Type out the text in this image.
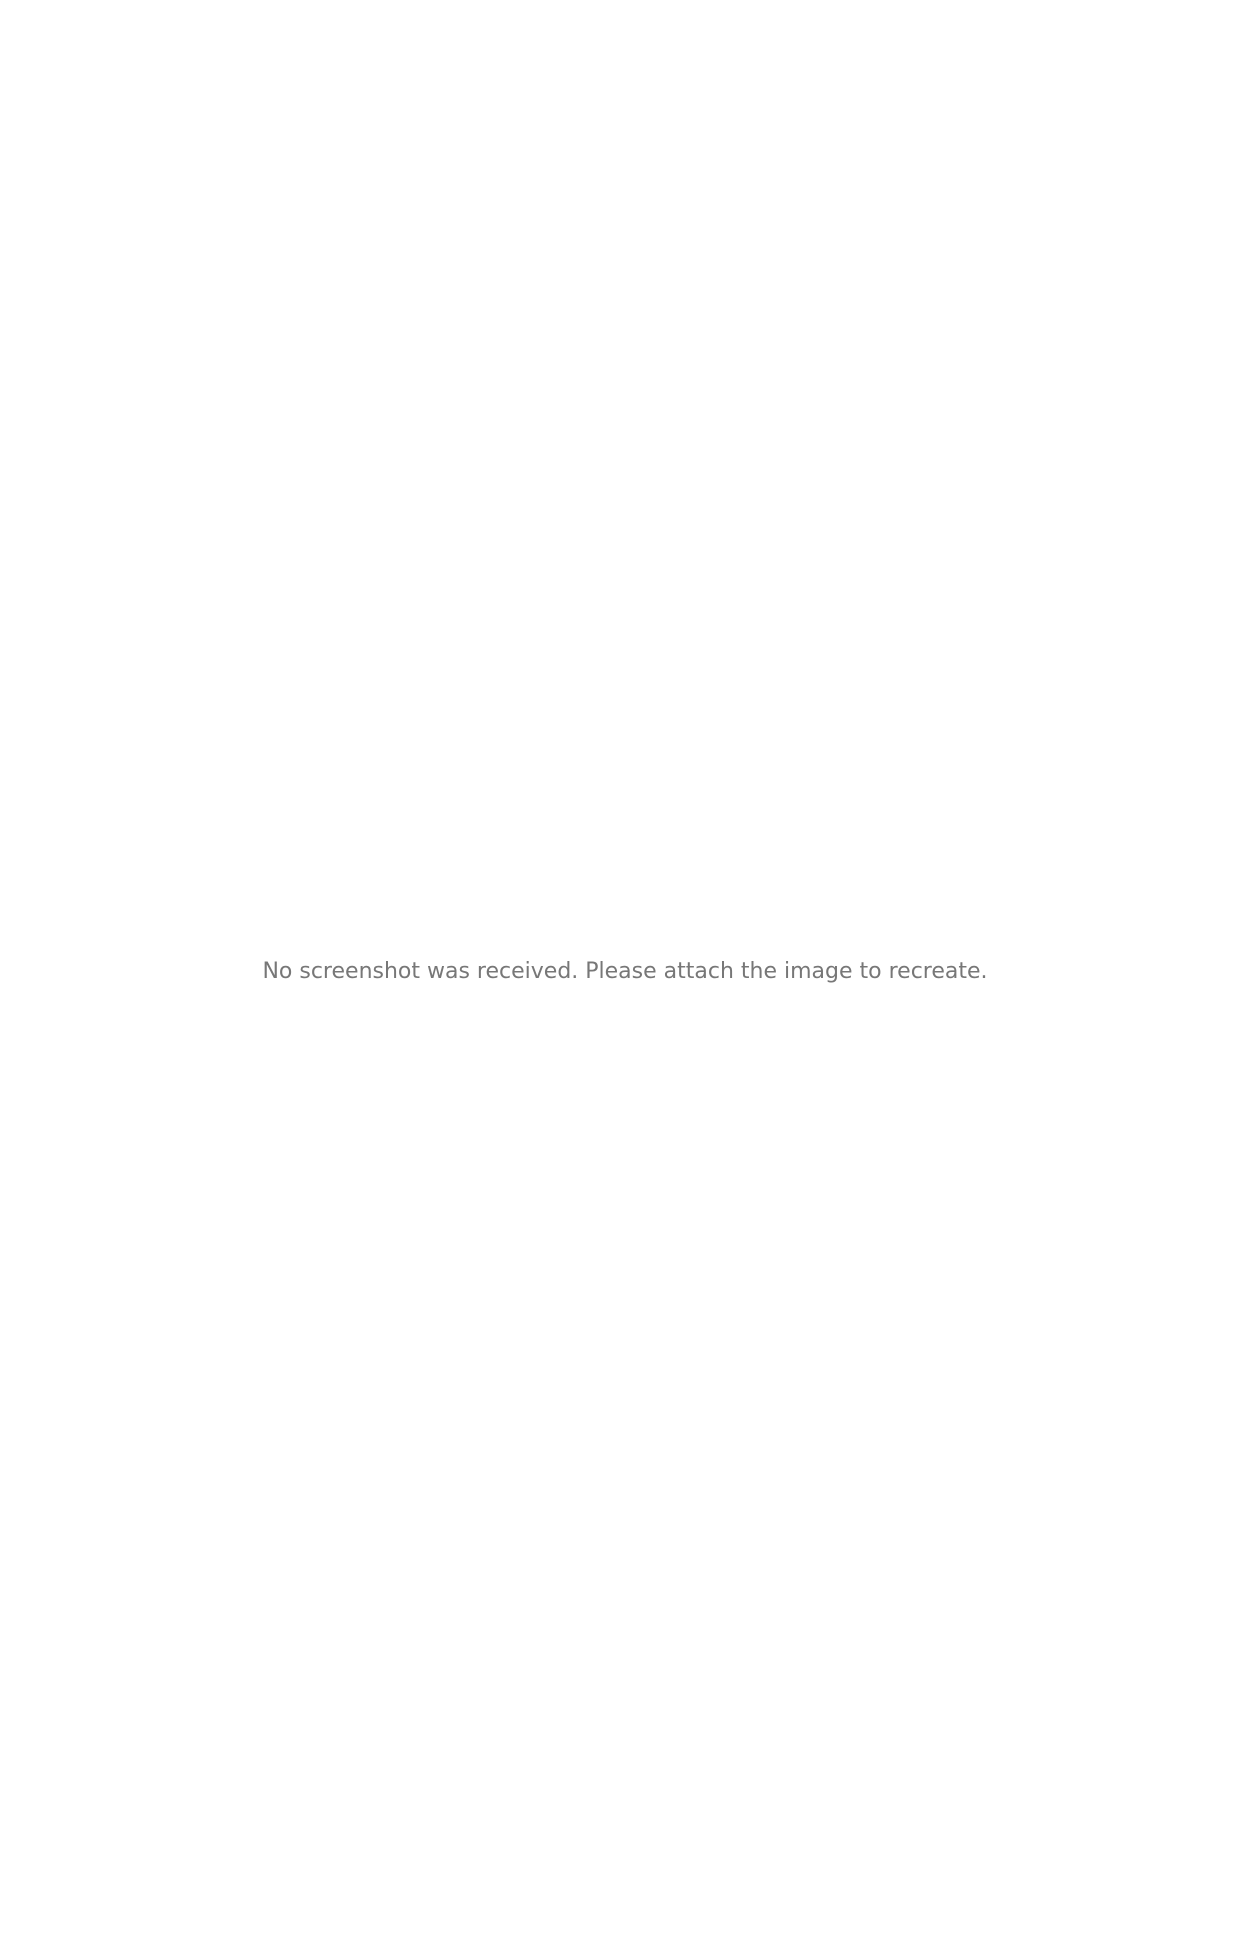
No screenshot was received. Please attach the image to recreate.
